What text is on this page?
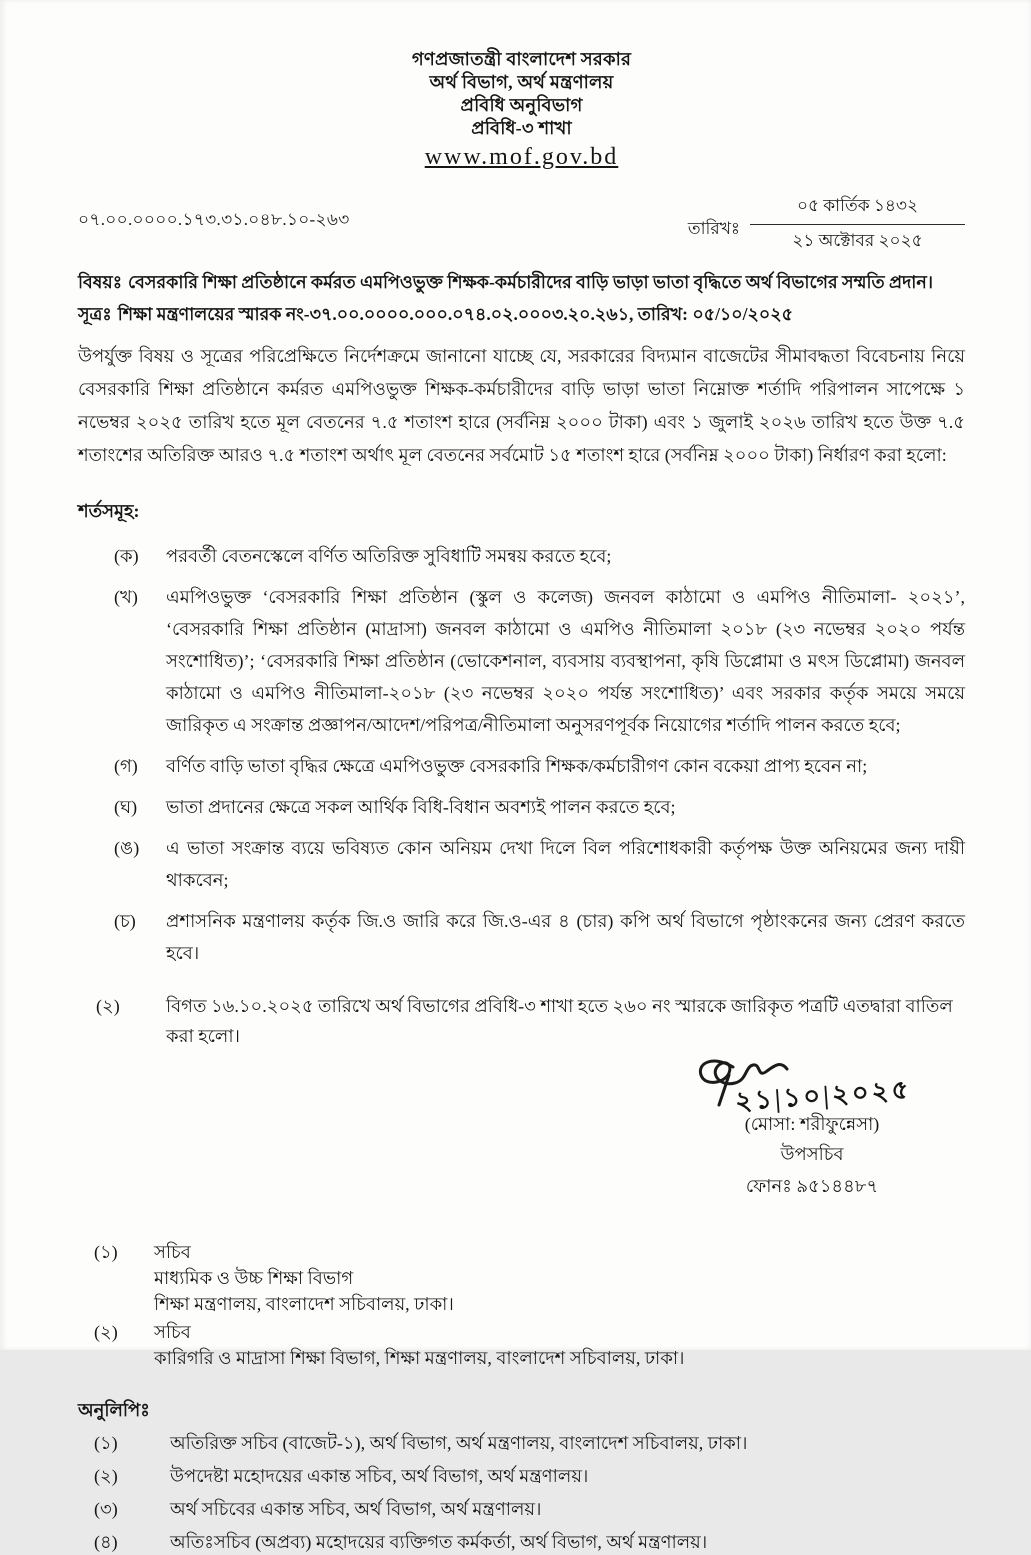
গণপ্রজাতন্ত্রী বাংলাদেশ সরকার
অর্থ বিভাগ, অর্থ মন্ত্রণালয়
প্রবিধি অনুবিভাগ
প্রবিধি-৩ শাখা
www.mof.gov.bd
০৭.০০.০০০০.১৭৩.৩১.০৪৮.১০-২৬৩	তারিখঃ $\frac{\text{০৫ কার্তিক ১৪৩২}}{\text{২১ অক্টোবর ২০২৫}}$
বিষয়ঃ বেসরকারি শিক্ষা প্রতিষ্ঠানে কর্মরত এমপিওভুক্ত শিক্ষক-কর্মচারীদের বাড়ি ভাড়া ভাতা বৃদ্ধিতে অর্থ বিভাগের সম্মতি প্রদান।
সূত্রঃ শিক্ষা মন্ত্রণালয়ের স্মারক নং-৩৭.০০.০০০০.০০০.০৭৪.০২.০০০৩.২০.২৬১, তারিখ: ০৫/১০/২০২৫
উপর্যুক্ত বিষয় ও সূত্রের পরিপ্রেক্ষিতে নির্দেশক্রমে জানানো যাচ্ছে যে, সরকারের বিদ্যমান বাজেটের সীমাবদ্ধতা বিবেচনায় নিয়ে বেসরকারি শিক্ষা প্রতিষ্ঠানে কর্মরত এমপিওভুক্ত শিক্ষক-কর্মচারীদের বাড়ি ভাড়া ভাতা নিম্নোক্ত শর্তাদি পরিপালন সাপেক্ষে ১ নভেম্বর ২০২৫ তারিখ হতে মূল বেতনের ৭.৫ শতাংশ হারে (সর্বনিম্ন ২০০০ টাকা) এবং ১ জুলাই ২০২৬ তারিখ হতে উক্ত ৭.৫ শতাংশের অতিরিক্ত আরও ৭.৫ শতাংশ অর্থাৎ মূল বেতনের সর্বমোট ১৫ শতাংশ হারে (সর্বনিম্ন ২০০০ টাকা) নির্ধারণ করা হলো:
শর্তসমূহ:
(ক)	পরবর্তী বেতনস্কেলে বর্ণিত অতিরিক্ত সুবিধাটি সমন্বয় করতে হবে;
(খ)	এমপিওভুক্ত ‘বেসরকারি শিক্ষা প্রতিষ্ঠান (স্কুল ও কলেজ) জনবল কাঠামো ও এমপিও নীতিমালা- ২০২১’, ‘বেসরকারি শিক্ষা প্রতিষ্ঠান (মাদ্রাসা) জনবল কাঠামো ও এমপিও নীতিমালা ২০১৮ (২৩ নভেম্বর ২০২০ পর্যন্ত সংশোধিত)’; ‘বেসরকারি শিক্ষা প্রতিষ্ঠান (ভোকেশনাল, ব্যবসায় ব্যবস্থাপনা, কৃষি ডিপ্লোমা ও মৎস ডিপ্লোমা) জনবল কাঠামো ও এমপিও নীতিমালা-২০১৮ (২৩ নভেম্বর ২০২০ পর্যন্ত সংশোধিত)’ এবং সরকার কর্তৃক সময়ে সময়ে জারিকৃত এ সংক্রান্ত প্রজ্ঞাপন/আদেশ/পরিপত্র/নীতিমালা অনুসরণপূর্বক নিয়োগের শর্তাদি পালন করতে হবে;
(গ)	বর্ণিত বাড়ি ভাতা বৃদ্ধির ক্ষেত্রে এমপিওভুক্ত বেসরকারি শিক্ষক/কর্মচারীগণ কোন বকেয়া প্রাপ্য হবেন না;
(ঘ)	ভাতা প্রদানের ক্ষেত্রে সকল আর্থিক বিধি-বিধান অবশ্যই পালন করতে হবে;
(ঙ)	এ ভাতা সংক্রান্ত ব্যয়ে ভবিষ্যত কোন অনিয়ম দেখা দিলে বিল পরিশোধকারী কর্তৃপক্ষ উক্ত অনিয়মের জন্য দায়ী থাকবেন;
(চ)	প্রশাসনিক মন্ত্রণালয় কর্তৃক জি.ও জারি করে জি.ও-এর ৪ (চার) কপি অর্থ বিভাগে পৃষ্ঠাংকনের জন্য প্রেরণ করতে হবে।
(২)	বিগত ১৬.১০.২০২৫ তারিখে অর্থ বিভাগের প্রবিধি-৩ শাখা হতে ২৬০ নং স্মারকে জারিকৃত পত্রটি এতদ্বারা বাতিল করা হলো।
২১|১০|২০২৫
(মোসা: শরীফুন্নেসা)
উপসচিব
ফোনঃ ৯৫১৪৪৮৭
(১)	সচিব
মাধ্যমিক ও উচ্চ শিক্ষা বিভাগ
শিক্ষা মন্ত্রণালয়, বাংলাদেশ সচিবালয়, ঢাকা।
(২)	সচিব
কারিগরি ও মাদ্রাসা শিক্ষা বিভাগ, শিক্ষা মন্ত্রণালয়, বাংলাদেশ সচিবালয়, ঢাকা।
অনুলিপিঃ
(১)	অতিরিক্ত সচিব (বাজেট-১), অর্থ বিভাগ, অর্থ মন্ত্রণালয়, বাংলাদেশ সচিবালয়, ঢাকা।
(২)	উপদেষ্টা মহোদয়ের একান্ত সচিব, অর্থ বিভাগ, অর্থ মন্ত্রণালয়।
(৩)	অর্থ সচিবের একান্ত সচিব, অর্থ বিভাগ, অর্থ মন্ত্রণালয়।
(৪)	অতিঃসচিব (অপ্রব্য) মহোদয়ের ব্যক্তিগত কর্মকর্তা, অর্থ বিভাগ, অর্থ মন্ত্রণালয়।
